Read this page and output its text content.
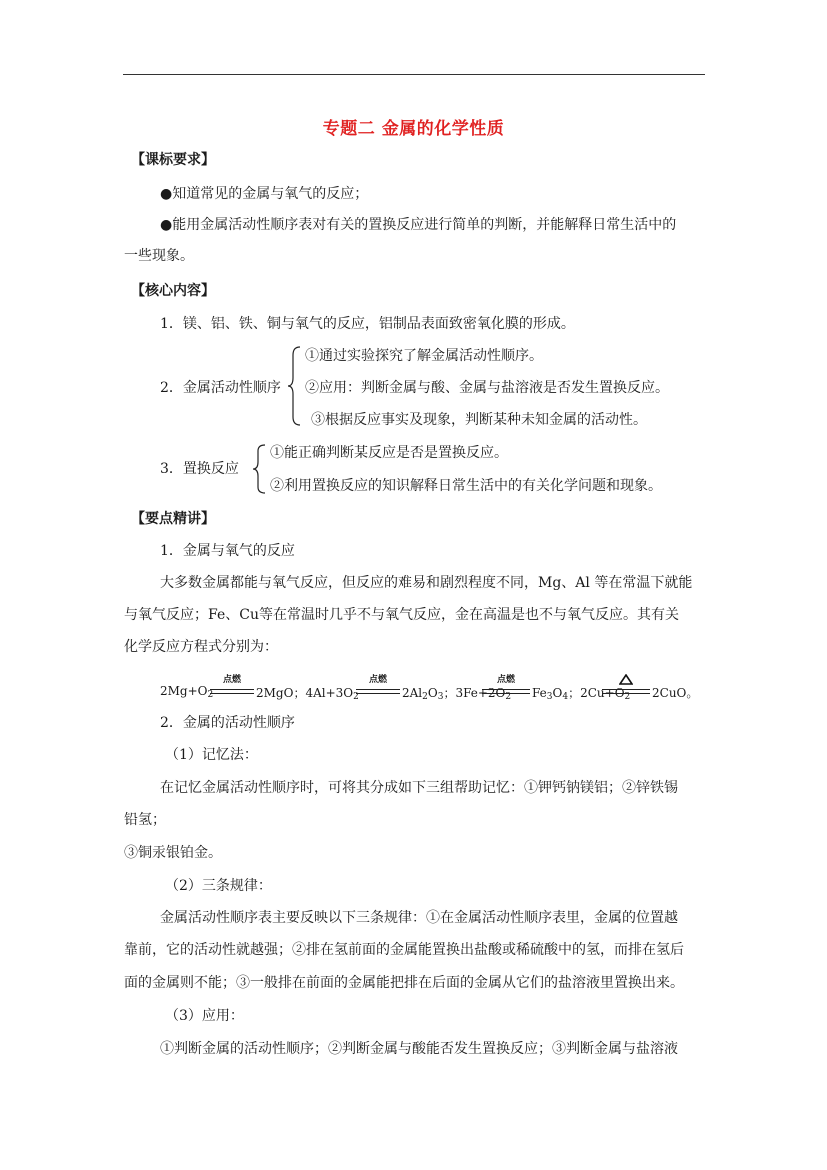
专题二 金属的化学性质
【课标要求】
●知道常见的金属与氧气的反应；
●能用金属活动性顺序表对有关的置换反应进行简单的判断，并能解释日常生活中的
一些现象。
【核心内容】
1．镁、铝、铁、铜与氧气的反应，铝制品表面致密氧化膜的形成。
2．金属活动性顺序
①通过实验探究了解金属活动性顺序。
②应用：判断金属与酸、金属与盐溶液是否发生置换反应。
③根据反应事实及现象，判断某种未知金属的活动性。
3．置换反应
①能正确判断某反应是否是置换反应。
②利用置换反应的知识解释日常生活中的有关化学问题和现象。
【要点精讲】
1．金属与氧气的反应
大多数金属都能与氧气反应，但反应的难易和剧烈程度不同，Mg、Al 等在常温下就能
与氧气反应；Fe、Cu等在常温时几乎不与氧气反应，金在高温是也不与氧气反应。其有关
化学反应方程式分别为：
$2Mg+O_2$
点燃
2MgO；$4Al+3O_2$
点燃
$2Al_2O_3$；$3Fe+2O_2$
点燃
$Fe_3O_4$；$2Cu+O_2$ 2CuO。
2．金属的活动性顺序
（1）记忆法：
在记忆金属活动性顺序时，可将其分成如下三组帮助记忆：①钾钙钠镁铝；②锌铁锡
铅氢；
③铜汞银铂金。
（2）三条规律：
金属活动性顺序表主要反映以下三条规律：①在金属活动性顺序表里，金属的位置越
靠前，它的活动性就越强；②排在氢前面的金属能置换出盐酸或稀硫酸中的氢，而排在氢后
面的金属则不能；③一般排在前面的金属能把排在后面的金属从它们的盐溶液里置换出来。
（3）应用：
①判断金属的活动性顺序；②判断金属与酸能否发生置换反应；③判断金属与盐溶液
